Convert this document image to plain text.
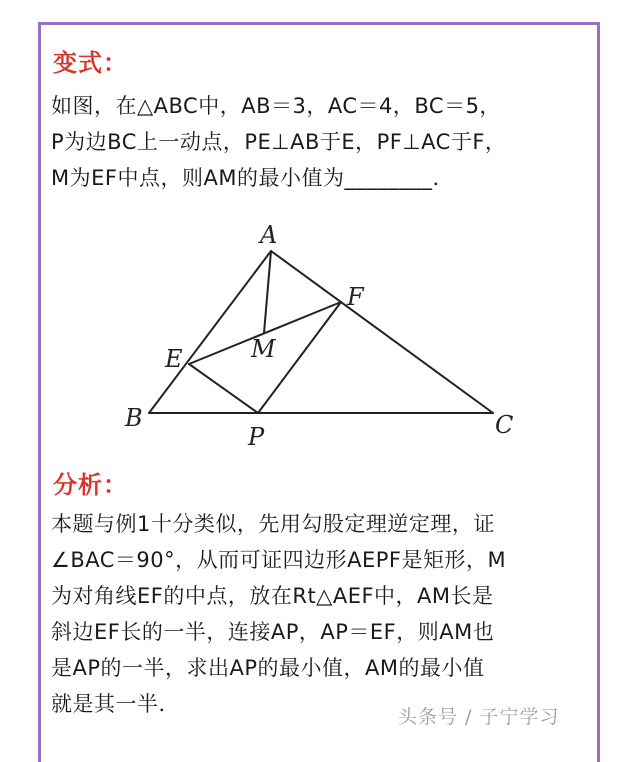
变式：

如图，在△ABC中，AB＝3，AC＝4，BC＝5，
P为边BC上一动点，PE⊥AB于E，PF⊥AC于F，
M为EF中点，则AM的最小值为________．

A
B	C
E
F
M
P
分析：

本题与例1十分类似，先用勾股定理逆定理，证
∠BAC＝90°，从而可证四边形AEPF是矩形，M
为对角线EF的中点，放在Rt△AEF中，AM长是
斜边EF长的一半，连接AP，AP＝EF，则AM也
是AP的一半，求出AP的最小值，AM的最小值
就是其一半．

头条号 / 子宁学习
